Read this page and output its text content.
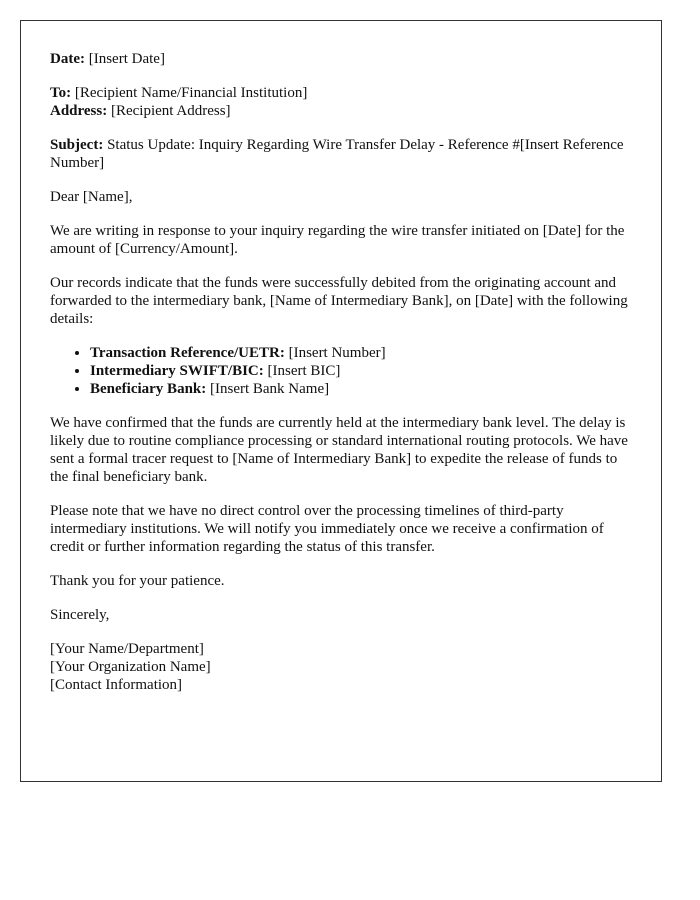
Date: [Insert Date]

To: [Recipient Name/Financial Institution]

Address: [Recipient Address]

Subject: Status Update: Inquiry Regarding Wire Transfer Delay - Reference #[Insert Reference Number]

Dear [Name],

We are writing in response to your inquiry regarding the wire transfer initiated on [Date] for the amount of [Currency/Amount].

Our records indicate that the funds were successfully debited from the originating account and forwarded to the intermediary bank, [Name of Intermediary Bank], on [Date] with the following details:

• Transaction Reference/UETR: [Insert Number]
• Intermediary SWIFT/BIC: [Insert BIC]
• Beneficiary Bank: [Insert Bank Name]

We have confirmed that the funds are currently held at the intermediary bank level. The delay is likely due to routine compliance processing or standard international routing protocols. We have sent a formal tracer request to [Name of Intermediary Bank] to expedite the release of funds to the final beneficiary bank.

Please note that we have no direct control over the processing timelines of third-party intermediary institutions. We will notify you immediately once we receive a confirmation of credit or further information regarding the status of this transfer.

Thank you for your patience.

Sincerely,

[Your Name/Department]

[Your Organization Name]

[Contact Information]
